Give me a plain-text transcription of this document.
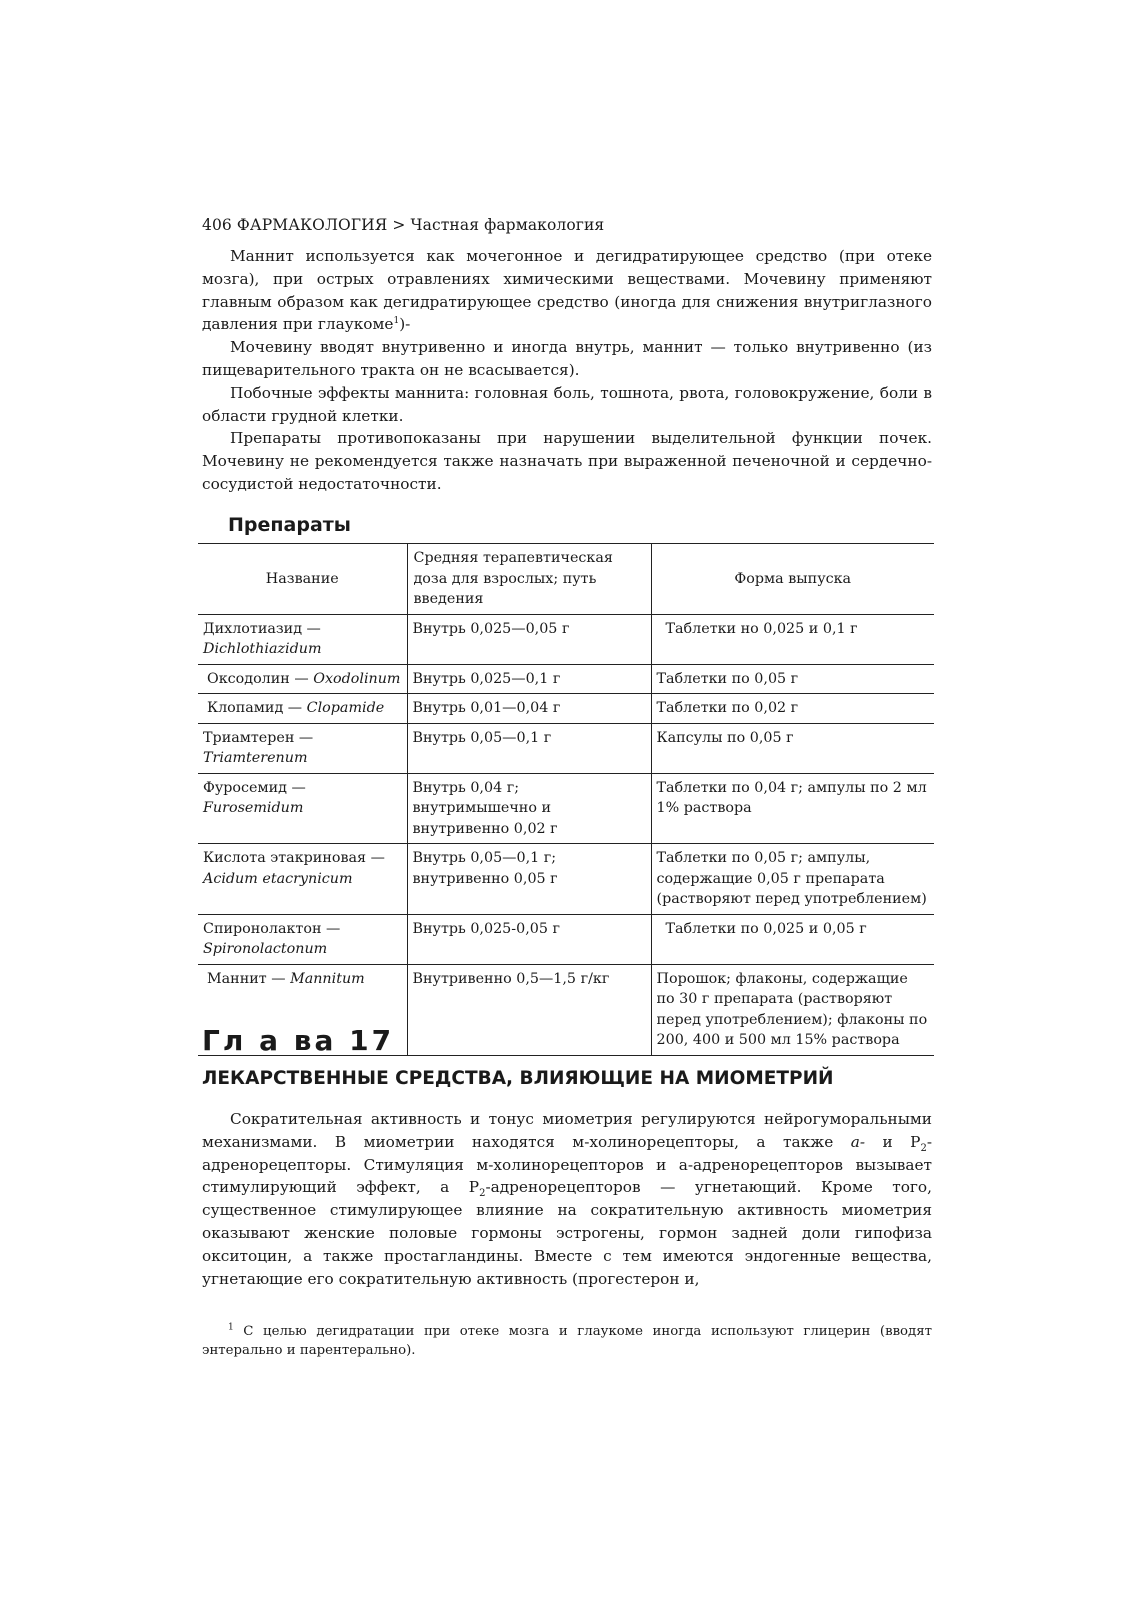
406 ФАРМАКОЛОГИЯ > Частная фармакология

Маннит используется как мочегонное и дегидратирующее средство (при отеке мозга), при острых отравлениях химическими веществами. Мочевину применяют главным образом как дегидратирующее средство (иногда для снижения внутриглазного давления при глаукоме$^1$)-

Мочевину вводят внутривенно и иногда внутрь, маннит — только внутривенно (из пищеварительного тракта он не всасывается).

Побочные эффекты маннита: головная боль, тошнота, рвота, головокружение, боли в области грудной клетки.

Препараты противопоказаны при нарушении выделительной функции почек. Мочевину не рекомендуется также назначать при выраженной печеночной и сердечно-сосудистой недостаточности.

Препараты
Название	Средняя терапевтическая доза для взрослых; путь введения	Форма выпуска
Дихлотиазид —
Dichlothiazidum	Внутрь 0,025—0,05 г	Таблетки но 0,025 и 0,1 г
Оксодолин — Oxodolinum	Внутрь 0,025—0,1 г	Таблетки по 0,05 г
Клопамид — Clopamide	Внутрь 0,01—0,04 г	Таблетки по 0,02 г
Триамтерен —
Triamterenum	Внутрь 0,05—0,1 г	Капсулы по 0,05 г
Фуросемид — Furosemidum	Внутрь 0,04 г; внутримышечно и внутривенно 0,02 г	Таблетки по 0,04 г; ампулы по 2 мл 1% раствора
Кислота этакриновая —
Acidum etacrynicum	Внутрь 0,05—0,1 г; внутривенно 0,05 г	Таблетки по 0,05 г; ампулы, содержащие 0,05 г препарата (растворяют перед употреблением)
Спиронолактон —
Spironolactonum	Внутрь 0,025-0,05 г	Таблетки по 0,025 и 0,05 г
Маннит — Mannitum	Внутривенно 0,5—1,5 г/кг	Порошок; флаконы, содержащие по 30 г препарата (растворяют перед употреблением); флаконы по 200, 400 и 500 мл 15% раствора
Гл а ва 17
ЛЕКАРСТВЕННЫЕ СРЕДСТВА, ВЛИЯЮЩИЕ НА МИОМЕТРИЙ

Сократительная активность и тонус миометрия регулируются нейрогуморальными механизмами. В миометрии находятся м-холинорецепторы, а также а- и $Р_2$-адренорецепторы. Стимуляция м-холинорецепторов и а-адренорецепторов вызывает стимулирующий эффект, а $Р_2$-адренорецепторов — угнетающий. Кроме того, существенное стимулирующее влияние на сократительную активность миометрия оказывают женские половые гормоны эстрогены, гормон задней доли гипофиза окситоцин, а также простагландины. Вместе с тем имеются эндогенные вещества, угнетающие его сократительную активность (прогестерон и,

$^1$ С целью дегидратации при отеке мозга и глаукоме иногда используют глицерин (вводят энтерально и парентерально).
